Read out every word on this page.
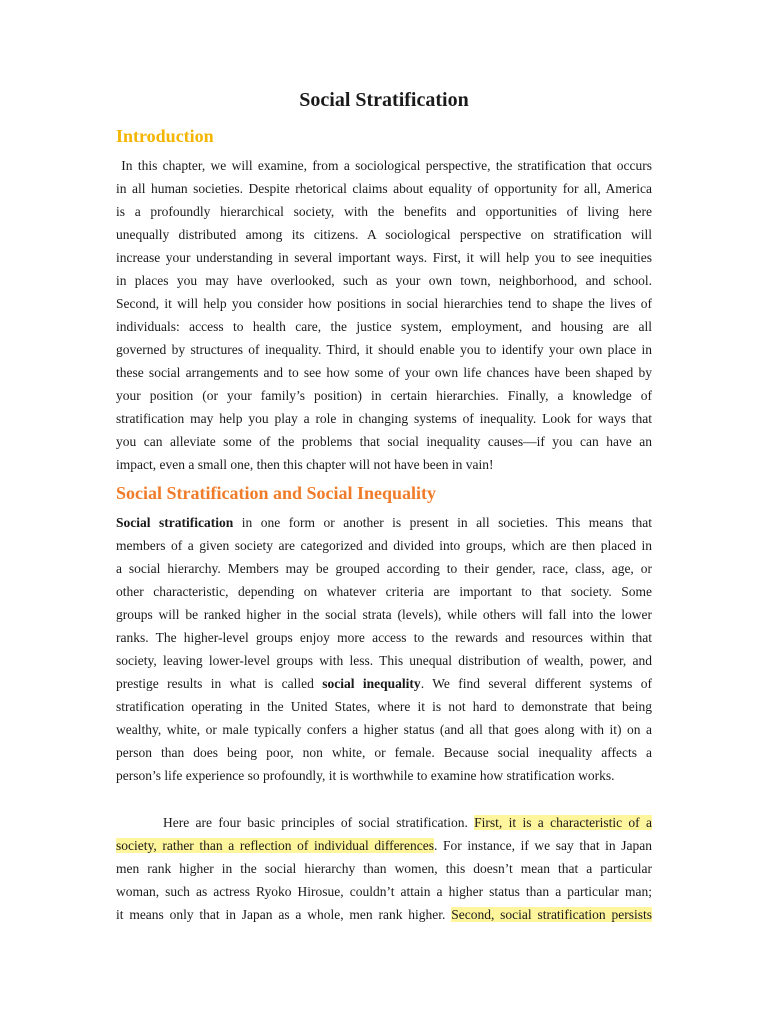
Social Stratification
Introduction
In this chapter, we will examine, from a sociological perspective, the stratification that occurs
in all human societies. Despite rhetorical claims about equality of opportunity for all, America
is a profoundly hierarchical society, with the benefits and opportunities of living here
unequally distributed among its citizens. A sociological perspective on stratification will
increase your understanding in several important ways. First, it will help you to see inequities
in places you may have overlooked, such as your own town, neighborhood, and school.
Second, it will help you consider how positions in social hierarchies tend to shape the lives of
individuals: access to health care, the justice system, employment, and housing are all
governed by structures of inequality. Third, it should enable you to identify your own place in
these social arrangements and to see how some of your own life chances have been shaped by
your position (or your family’s position) in certain hierarchies. Finally, a knowledge of
stratification may help you play a role in changing systems of inequality. Look for ways that
you can alleviate some of the problems that social inequality causes—if you can have an
impact, even a small one, then this chapter will not have been in vain!
Social Stratification and Social Inequality
Social stratification in one form or another is present in all societies. This means that
members of a given society are categorized and divided into groups, which are then placed in
a social hierarchy. Members may be grouped according to their gender, race, class, age, or
other characteristic, depending on whatever criteria are important to that society. Some
groups will be ranked higher in the social strata (levels), while others will fall into the lower
ranks. The higher-level groups enjoy more access to the rewards and resources within that
society, leaving lower-level groups with less. This unequal distribution of wealth, power, and
prestige results in what is called social inequality. We find several different systems of
stratification operating in the United States, where it is not hard to demonstrate that being
wealthy, white, or male typically confers a higher status (and all that goes along with it) on a
person than does being poor, non white, or female. Because social inequality affects a
person’s life experience so profoundly, it is worthwhile to examine how stratification works.
Here are four basic principles of social stratification. First, it is a characteristic of a
society, rather than a reflection of individual differences. For instance, if we say that in Japan
men rank higher in the social hierarchy than women, this doesn’t mean that a particular
woman, such as actress Ryoko Hirosue, couldn’t attain a higher status than a particular man;
it means only that in Japan as a whole, men rank higher. Second, social stratification persists
